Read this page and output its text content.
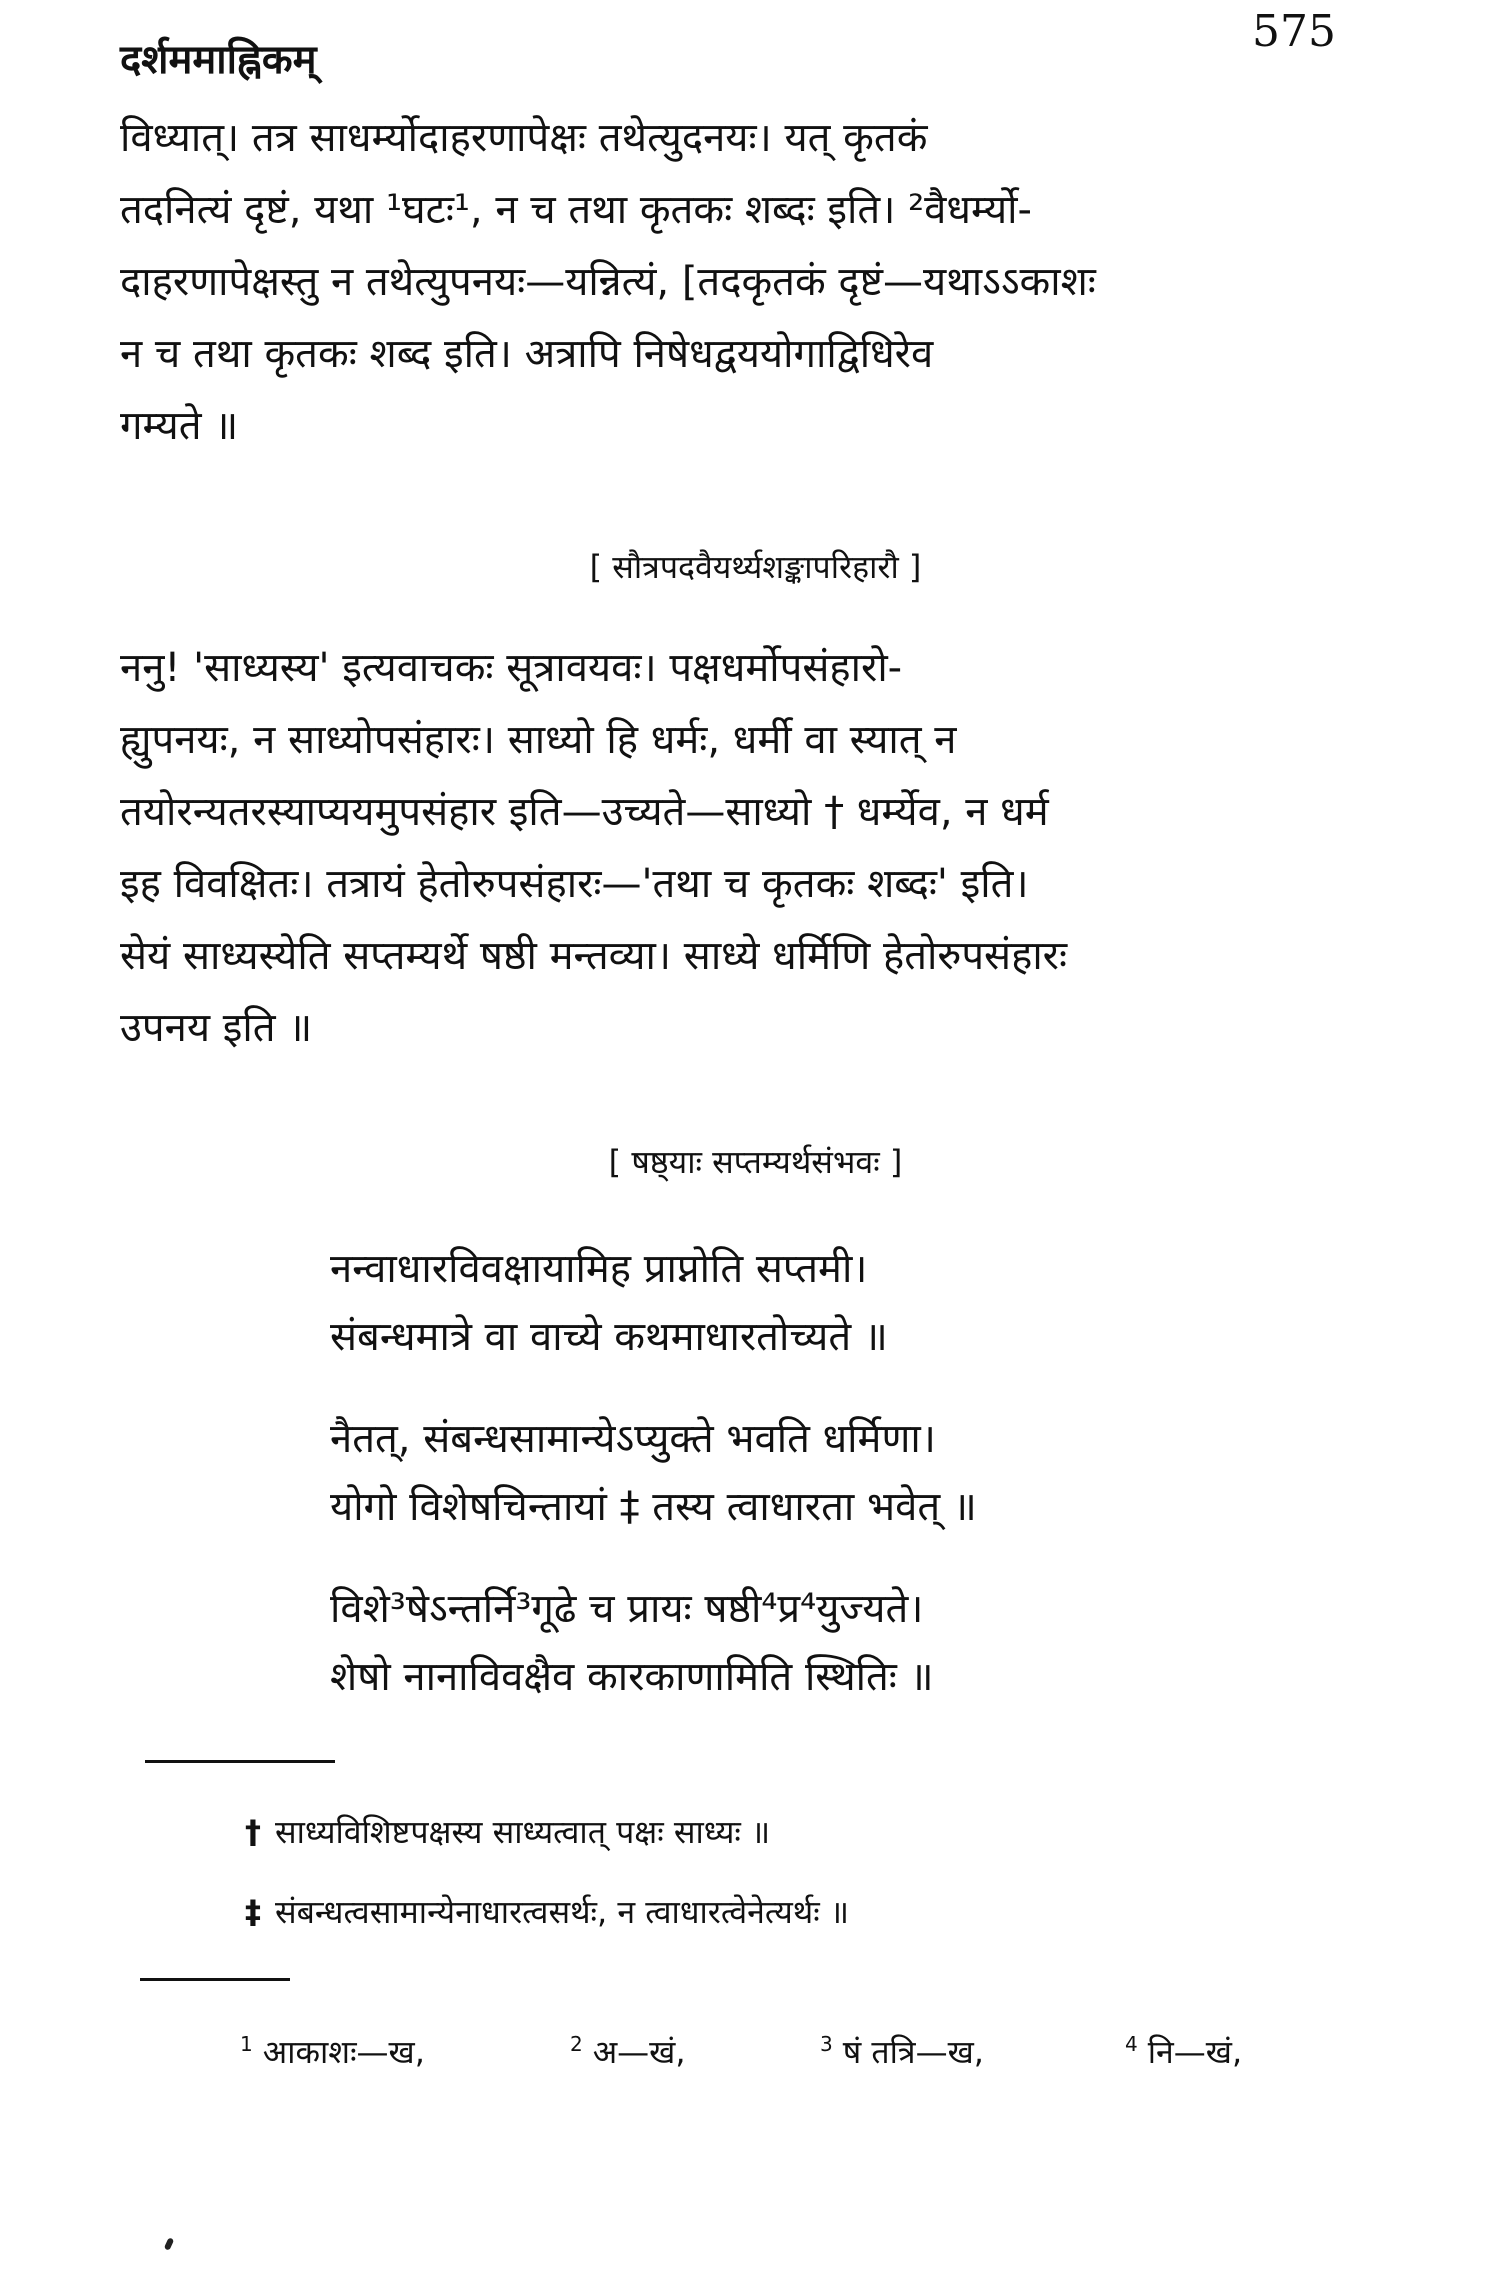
दर्शममाह्निकम्
575
विध्यात्। तत्र साधर्म्योदाहरणापेक्षः तथेत्युदनयः। यत् कृतकं
तदनित्यं दृष्टं, यथा ¹घटः¹, न च तथा कृतकः शब्दः इति। ²वैधर्म्यो-
दाहरणापेक्षस्तु न तथेत्युपनयः—यन्नित्यं, [तदकृतकं दृष्टं—यथाऽऽकाशः
न च तथा कृतकः शब्द इति। अत्रापि निषेधद्वययोगाद्विधिरेव
गम्यते ॥
[ सौत्रपदवैयर्थ्यशङ्कापरिहारौ ]
ननु! 'साध्यस्य' इत्यवाचकः सूत्रावयवः। पक्षधर्मोपसंहारो-
ह्युपनयः, न साध्योपसंहारः। साध्यो हि धर्मः, धर्मी वा स्यात् न
तयोरन्यतरस्याप्ययमुपसंहार इति—उच्यते—साध्यो † धर्म्येव, न धर्म
इह विवक्षितः। तत्रायं हेतोरुपसंहारः—'तथा च कृतकः शब्दः' इति।
सेयं साध्यस्येति सप्तम्यर्थे षष्ठी मन्तव्या। साध्ये धर्मिणि हेतोरुपसंहारः
उपनय इति ॥
[ षष्ठ्याः सप्तम्यर्थसंभवः ]
नन्वाधारविवक्षायामिह प्राप्नोति सप्तमी।
संबन्धमात्रे वा वाच्ये कथमाधारतोच्यते ॥
नैतत्, संबन्धसामान्येऽप्युक्ते भवति धर्मिणा।
योगो विशेषचिन्तायां ‡ तस्य त्वाधारता भवेत् ॥
विशे³षेऽन्तर्नि³गूढे च प्रायः षष्ठी⁴प्र⁴युज्यते।
शेषो नानाविवक्षैव कारकाणामिति स्थितिः ॥
† साध्यविशिष्टपक्षस्य साध्यत्वात् पक्षः साध्यः ॥
‡ संबन्धत्वसामान्येनाधारत्वसर्थः, न त्वाधारत्वेनेत्यर्थः ॥
$^1$ आकाशः—ख,	$^2$ अ—खं,	$^3$ षं तत्रि—ख,	$^4$ नि—खं,
